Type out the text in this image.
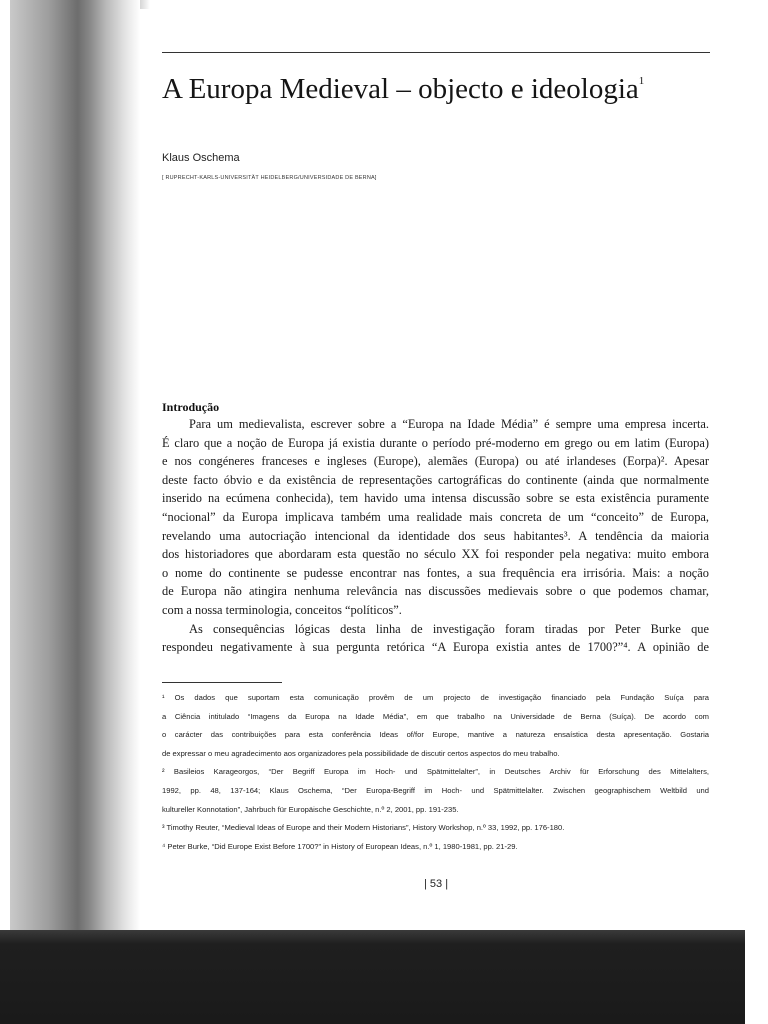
A Europa Medieval – objecto e ideologia$^1$
Klaus Oschema
[ RUPRECHT-KARLS-UNIVERSITÄT HEIDELBERG/UNIVERSIDADE DE BERNA]
Introdução
Para um medievalista, escrever sobre a “Europa na Idade Média” é sempre uma empresa incerta.
É claro que a noção de Europa já existia durante o período pré-moderno em grego ou em latim (Europa)
e nos congéneres franceses e ingleses (Europe), alemães (Europa) ou até irlandeses (Eorpa)². Apesar
deste facto óbvio e da existência de representações cartográficas do continente (ainda que normalmente
inserido na ecúmena conhecida), tem havido uma intensa discussão sobre se esta existência puramente
“nocional” da Europa implicava também uma realidade mais concreta de um “conceito” de Europa,
revelando uma autocriação intencional da identidade dos seus habitantes³. A tendência da maioria
dos historiadores que abordaram esta questão no século XX foi responder pela negativa: muito embora
o nome do continente se pudesse encontrar nas fontes, a sua frequência era irrisória. Mais: a noção
de Europa não atingira nenhuma relevância nas discussões medievais sobre o que podemos chamar,
com a nossa terminologia, conceitos “políticos”.
As consequências lógicas desta linha de investigação foram tiradas por Peter Burke que
respondeu negativamente à sua pergunta retórica “A Europa existia antes de 1700?”⁴. A opinião de
¹ Os dados que suportam esta comunicação provêm de um projecto de investigação financiado pela Fundação Suíça para
a Ciência intitulado “Imagens da Europa na Idade Média”, em que trabalho na Universidade de Berna (Suíça). De acordo com
o carácter das contribuições para esta conferência Ideas of/for Europe, mantive a natureza ensaística desta apresentação. Gostaria
de expressar o meu agradecimento aos organizadores pela possibilidade de discutir certos aspectos do meu trabalho.
² Basileios Karageorgos, “Der Begriff Europa im Hoch- und Spätmittelalter”, in Deutsches Archiv für Erforschung des Mittelalters,
1992, pp. 48, 137-164; Klaus Oschema, “Der Europa-Begriff im Hoch- und Spätmittelalter. Zwischen geographischem Weltbild und
kultureller Konnotation”, Jahrbuch für Europäische Geschichte, n.º 2, 2001, pp. 191-235.
³ Timothy Reuter, “Medieval Ideas of Europe and their Modern Historians”, History Workshop, n.º 33, 1992, pp. 176-180.
⁴ Peter Burke, “Did Europe Exist Before 1700?” in History of European Ideas, n.º 1, 1980-1981, pp. 21-29.
| 53 |
